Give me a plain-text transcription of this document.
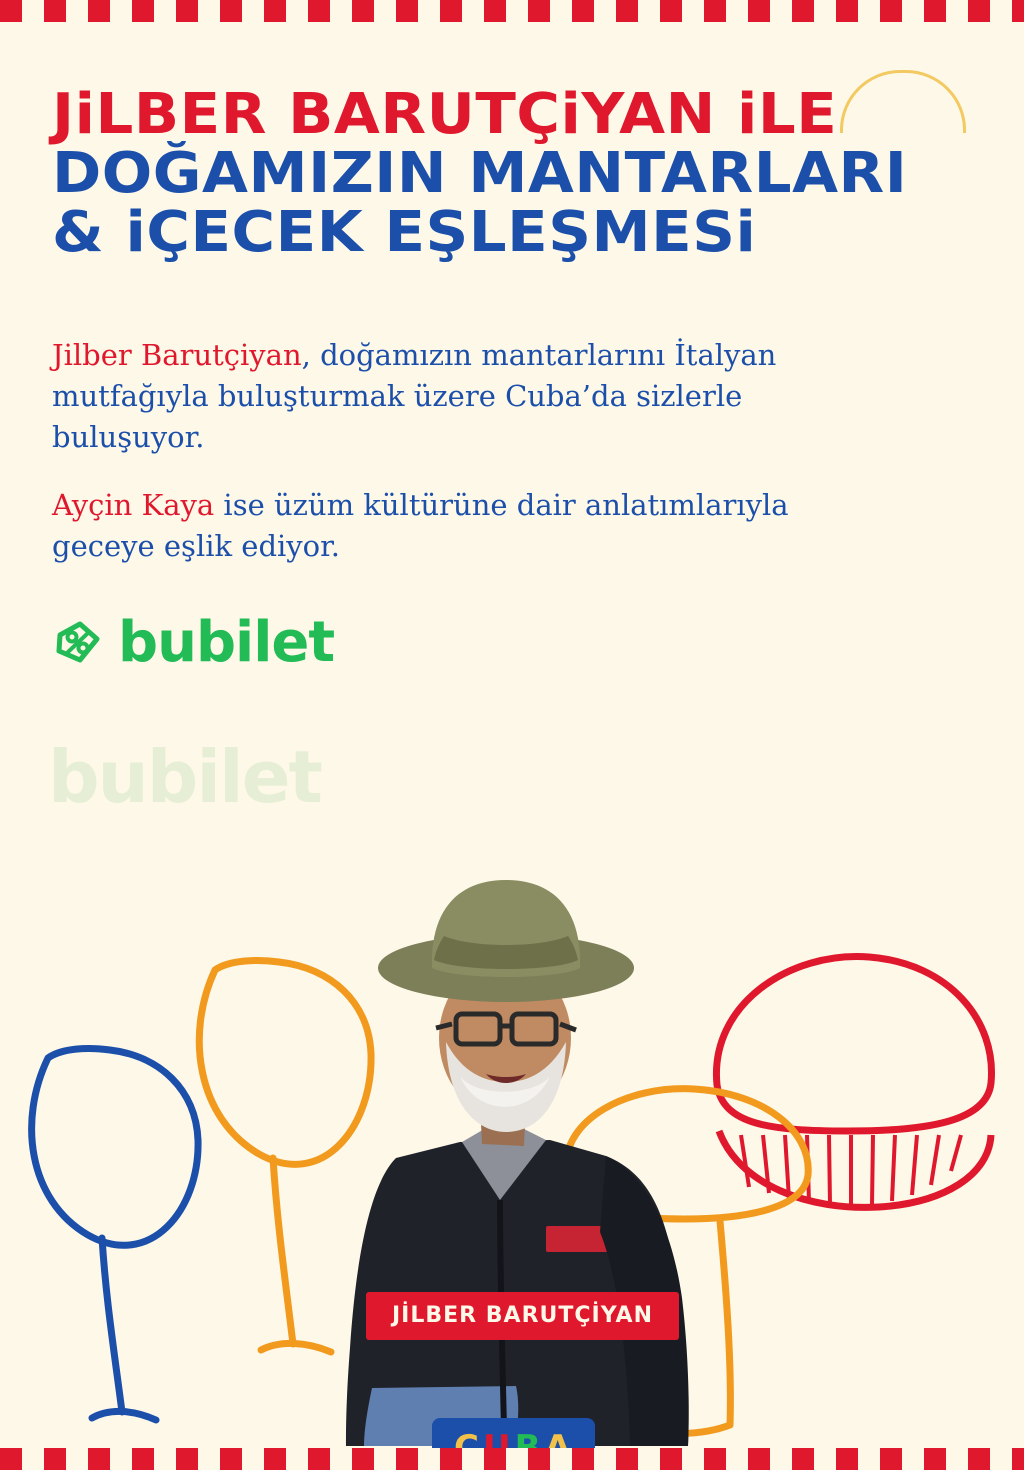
bubilet
JiLBER BARUTÇiYAN iLE
DOĞAMIZIN MANTARLARI
& iÇECEK EŞLEŞMESi

Jilber Barutçiyan, doğamızın mantarlarını İtalyan mutfağıyla buluşturmak üzere Cuba’da sizlerle buluşuyor.

Ayçin Kaya ise üzüm kültürüne dair anlatımlarıyla geceye eşlik ediyor.

bubilet
JİLBER BARUTÇİYAN
